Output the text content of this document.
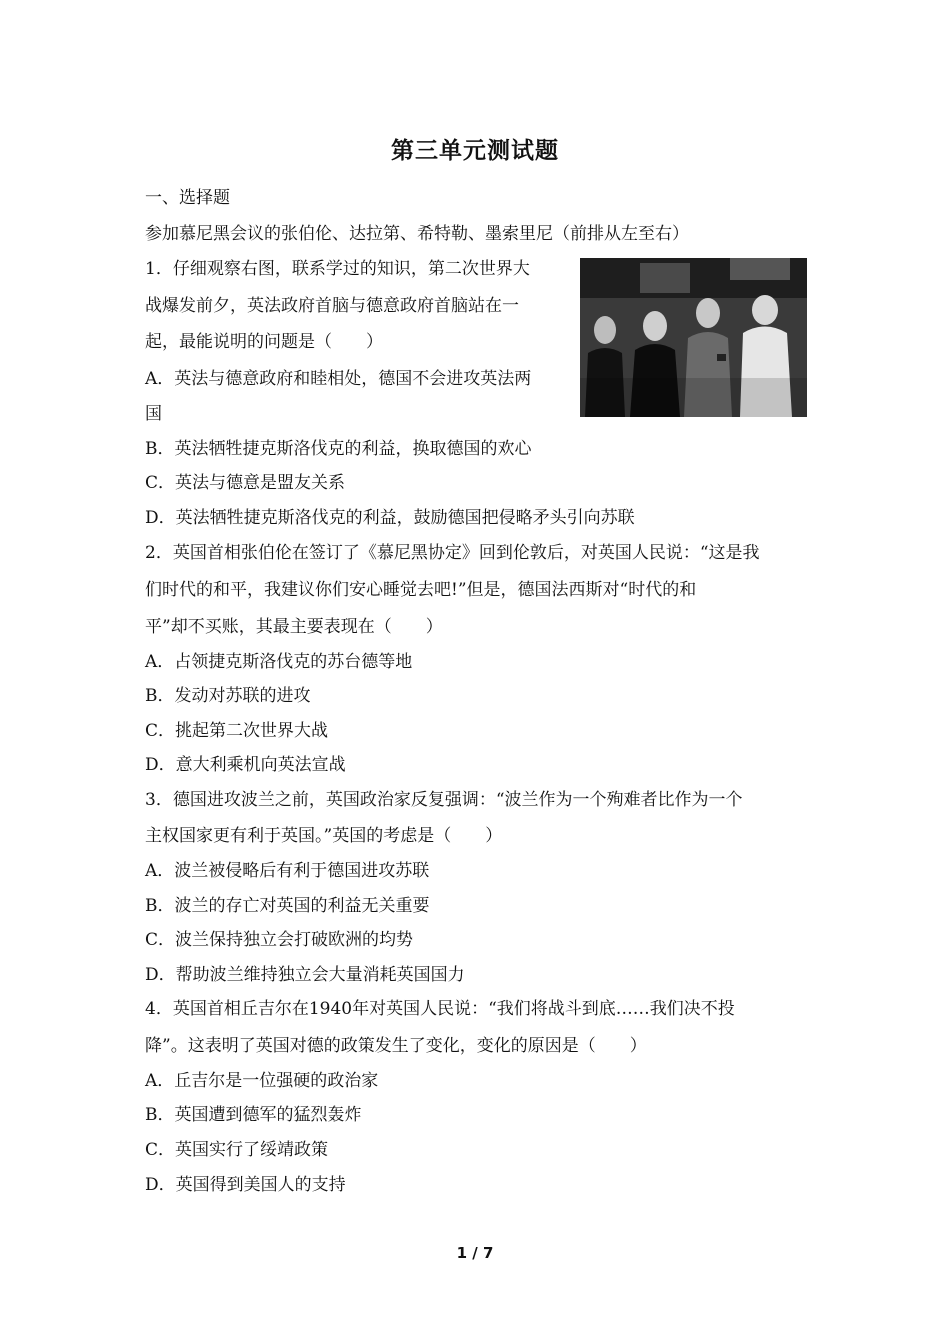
第三单元测试题
一、选择题
参加慕尼黑会议的张伯伦、达拉第、希特勒、墨索里尼（前排从左至右）
1．仔细观察右图，联系学过的知识，第二次世界大
战爆发前夕，英法政府首脑与德意政府首脑站在一
起，最能说明的问题是（　　）
A．英法与德意政府和睦相处，德国不会进攻英法两
国
B．英法牺牲捷克斯洛伐克的利益，换取德国的欢心
C．英法与德意是盟友关系
D．英法牺牲捷克斯洛伐克的利益，鼓励德国把侵略矛头引向苏联
2．英国首相张伯伦在签订了《慕尼黑协定》回到伦敦后，对英国人民说：“这是我
们时代的和平，我建议你们安心睡觉去吧!”但是，德国法西斯对“时代的和
平”却不买账，其最主要表现在（　　）
A．占领捷克斯洛伐克的苏台德等地
B．发动对苏联的进攻
C．挑起第二次世界大战
D．意大利乘机向英法宣战
3．德国进攻波兰之前，英国政治家反复强调：“波兰作为一个殉难者比作为一个
主权国家更有利于英国。”英国的考虑是（　　）
A．波兰被侵略后有利于德国进攻苏联
B．波兰的存亡对英国的利益无关重要
C．波兰保持独立会打破欧洲的均势
D．帮助波兰维持独立会大量消耗英国国力
4．英国首相丘吉尔在1940年对英国人民说：“我们将战斗到底……我们决不投
降”。这表明了英国对德的政策发生了变化，变化的原因是（　　）
A．丘吉尔是一位强硬的政治家
B．英国遭到德军的猛烈轰炸
C．英国实行了绥靖政策
D．英国得到美国人的支持
1 / 7
